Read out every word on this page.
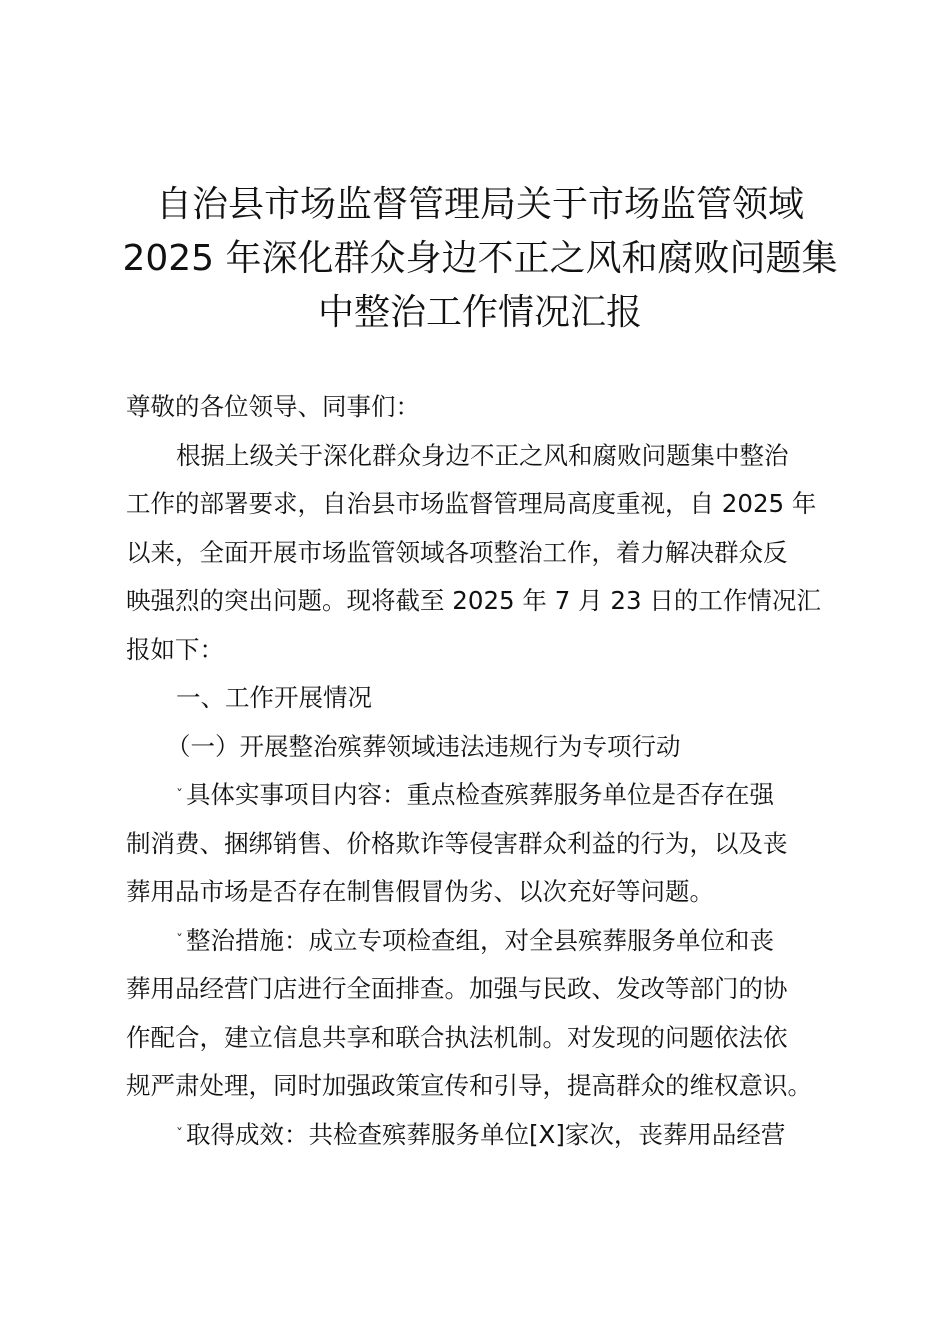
自治县市场监督管理局关于市场监管领域
2025 年深化群众身边不正之风和腐败问题集
中整治工作情况汇报
尊敬的各位领导、同事们：
根据上级关于深化群众身边不正之风和腐败问题集中整治
工作的部署要求，自治县市场监督管理局高度重视，自 2025 年
以来，全面开展市场监管领域各项整治工作，着力解决群众反
映强烈的突出问题。现将截至 2025 年 7 月 23 日的工作情况汇
报如下：
一、工作开展情况
（一）开展整治殡葬领域违法违规行为专项行动
ˇ 具体实事项目内容：重点检查殡葬服务单位是否存在强
制消费、捆绑销售、价格欺诈等侵害群众利益的行为，以及丧
葬用品市场是否存在制售假冒伪劣、以次充好等问题。
ˇ 整治措施：成立专项检查组，对全县殡葬服务单位和丧
葬用品经营门店进行全面排查。加强与民政、发改等部门的协
作配合，建立信息共享和联合执法机制。对发现的问题依法依
规严肃处理，同时加强政策宣传和引导，提高群众的维权意识。
ˇ 取得成效：共检查殡葬服务单位[X]家次，丧葬用品经营
